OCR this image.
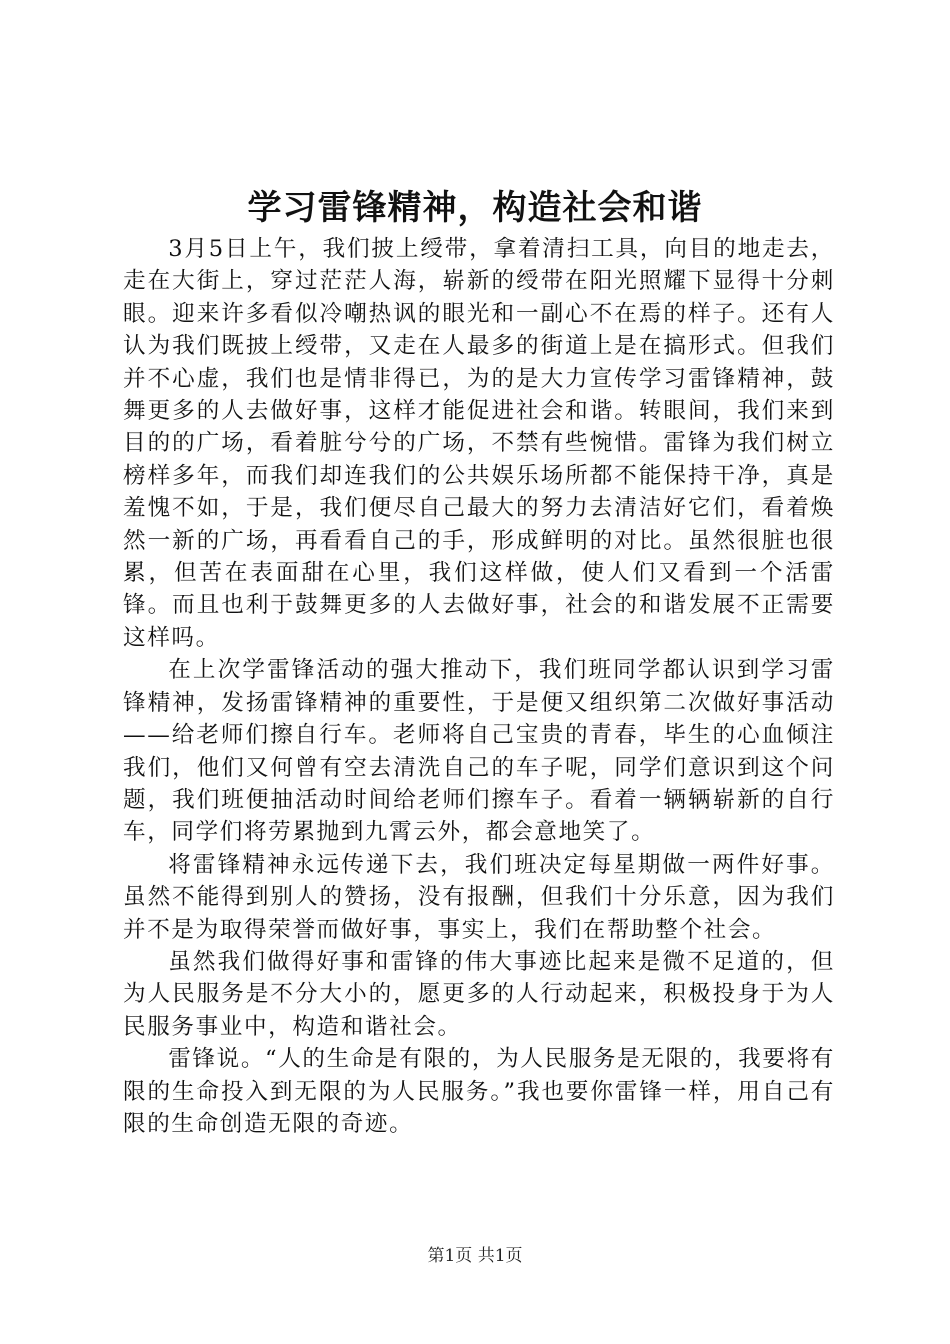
学习雷锋精神，构造社会和谐

3月5日上午，我们披上绶带，拿着清扫工具，向目的地走去，走在大街上，穿过茫茫人海，崭新的绶带在阳光照耀下显得十分刺眼。迎来许多看似冷嘲热讽的眼光和一副心不在焉的样子。还有人认为我们既披上绶带，又走在人最多的街道上是在搞形式。但我们并不心虚，我们也是情非得已，为的是大力宣传学习雷锋精神，鼓舞更多的人去做好事，这样才能促进社会和谐。转眼间，我们来到目的的广场，看着脏兮兮的广场，不禁有些惋惜。雷锋为我们树立榜样多年，而我们却连我们的公共娱乐场所都不能保持干净，真是羞愧不如，于是，我们便尽自己最大的努力去清洁好它们，看着焕然一新的广场，再看看自己的手，形成鲜明的对比。虽然很脏也很累，但苦在表面甜在心里，我们这样做，使人们又看到一个活雷锋。而且也利于鼓舞更多的人去做好事，社会的和谐发展不正需要这样吗。

在上次学雷锋活动的强大推动下，我们班同学都认识到学习雷锋精神，发扬雷锋精神的重要性，于是便又组织第二次做好事活动——给老师们擦自行车。老师将自己宝贵的青春，毕生的心血倾注我们，他们又何曾有空去清洗自己的车子呢，同学们意识到这个问题，我们班便抽活动时间给老师们擦车子。看着一辆辆崭新的自行车，同学们将劳累抛到九霄云外，都会意地笑了。

将雷锋精神永远传递下去，我们班决定每星期做一两件好事。虽然不能得到别人的赞扬，没有报酬，但我们十分乐意，因为我们并不是为取得荣誉而做好事，事实上，我们在帮助整个社会。

虽然我们做得好事和雷锋的伟大事迹比起来是微不足道的，但为人民服务是不分大小的，愿更多的人行动起来，积极投身于为人民服务事业中，构造和谐社会。

雷锋说。“人的生命是有限的，为人民服务是无限的，我要将有限的生命投入到无限的为人民服务。”我也要你雷锋一样，用自己有限的生命创造无限的奇迹。

第1页 共1页
